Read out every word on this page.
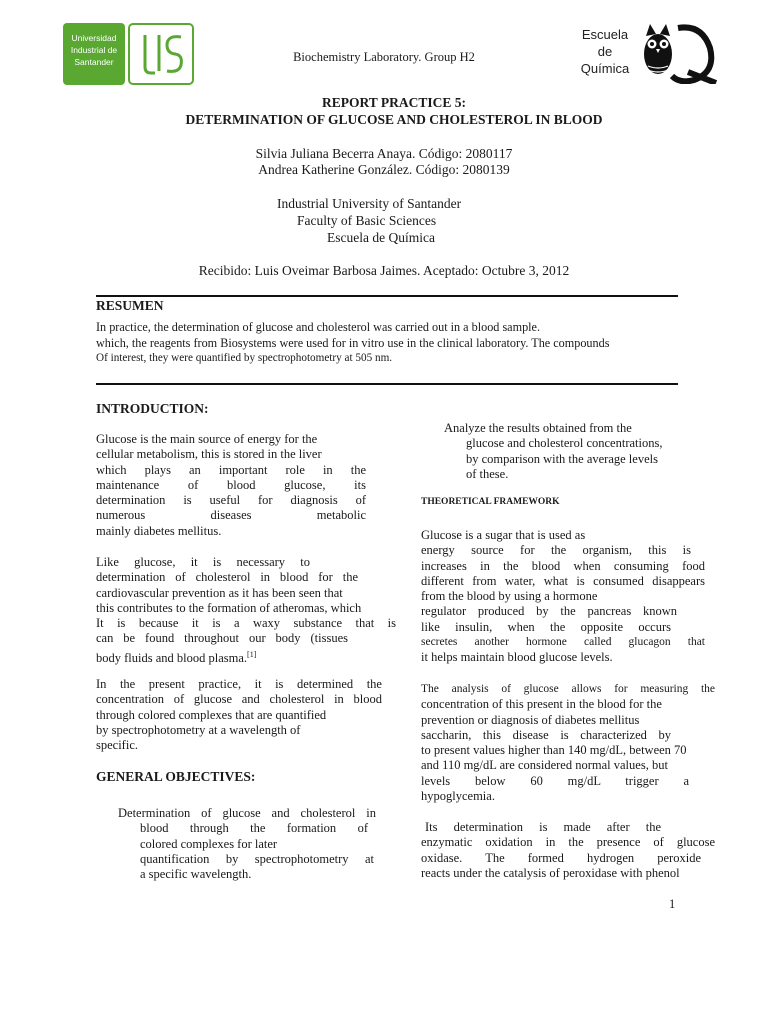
Universidad
Industrial de
Santander	Biochemistry Laboratory. Group H2
Escuela
de
Química
REPORT PRACTICE 5:
DETERMINATION OF GLUCOSE AND CHOLESTEROL IN BLOOD
Silvia Juliana Becerra Anaya. Código: 2080117
Andrea Katherine González. Código: 2080139
Industrial University of Santander
Faculty of Basic Sciences
Escuela de Química
Recibido: Luis Oveimar Barbosa Jaimes. Aceptado: Octubre 3, 2012
RESUMEN
In practice, the determination of glucose and cholesterol was carried out in a blood sample.
which, the reagents from Biosystems were used for in vitro use in the clinical laboratory. The compounds
Of interest, they were quantified by spectrophotometry at 505 nm.
INTRODUCTION:
Glucose is the main source of energy for the
cellular metabolism, this is stored in the liver
which plays an important role in the
maintenance of blood glucose, its
determination is useful for diagnosis of
numerous diseases metabolic
mainly diabetes mellitus.
Like glucose, it is necessary to
determination of cholesterol in blood for the
cardiovascular prevention as it has been seen that
this contributes to the formation of atheromas, which
It is because it is a waxy substance that is
can be found throughout our body (tissues
body fluids and blood plasma.[1]
In the present practice, it is determined the
concentration of glucose and cholesterol in blood
through colored complexes that are quantified
by spectrophotometry at a wavelength of
specific.
GENERAL OBJECTIVES:
Determination of glucose and cholesterol in
blood through the formation of
colored complexes for later
quantification by spectrophotometry at
a specific wavelength.
Analyze the results obtained from the
glucose and cholesterol concentrations,
by comparison with the average levels
of these.
THEORETICAL FRAMEWORK
Glucose is a sugar that is used as
energy source for the organism, this is
increases in the blood when consuming food
different from water, what is consumed disappears
from the blood by using a hormone
regulator produced by the pancreas known
like insulin, when the opposite occurs
secretes another hormone called glucagon that
it helps maintain blood glucose levels.
The analysis of glucose allows for measuring the
concentration of this present in the blood for the
prevention or diagnosis of diabetes mellitus
saccharin, this disease is characterized by
to present values higher than 140 mg/dL, between 70
and 110 mg/dL are considered normal values, but
levels below 60 mg/dL trigger a
hypoglycemia.
Its determination is made after the
enzymatic oxidation in the presence of glucose
oxidase. The formed hydrogen peroxide
reacts under the catalysis of peroxidase with phenol
1
